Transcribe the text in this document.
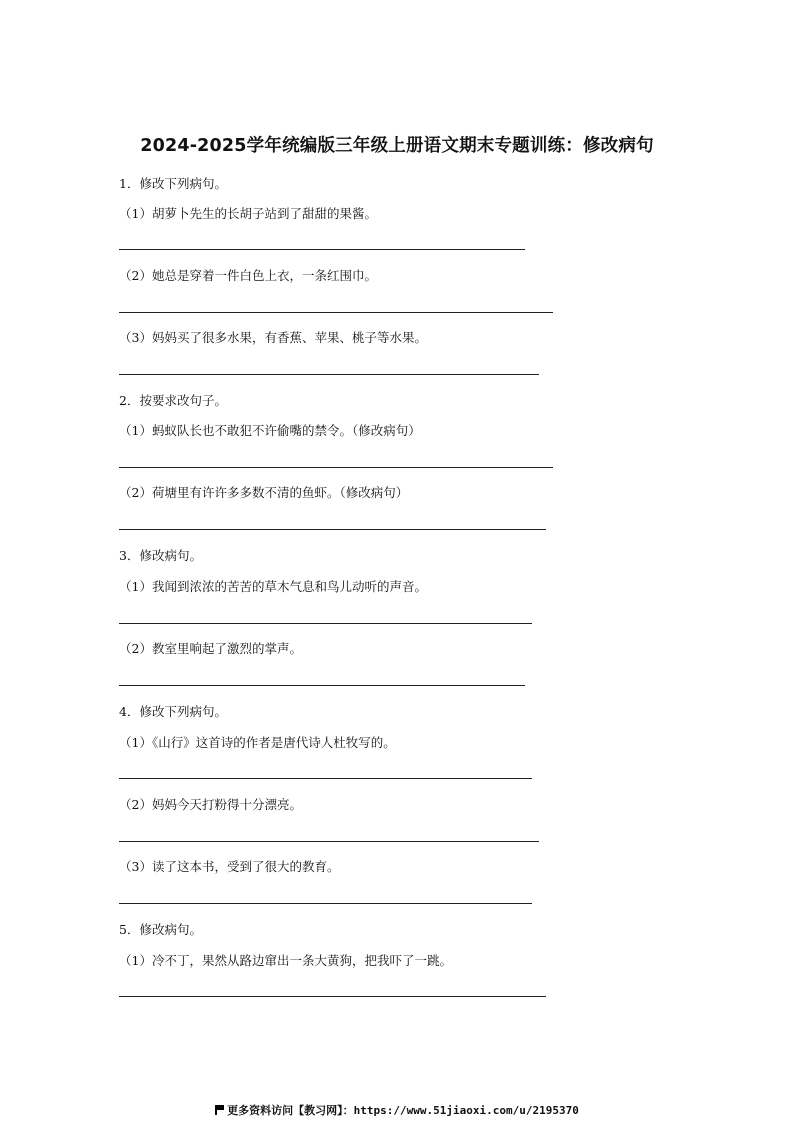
2024-2025学年统编版三年级上册语文期末专题训练：修改病句
1．修改下列病句。
（1）胡萝卜先生的长胡子站到了甜甜的果酱。
（2）她总是穿着一件白色上衣，一条红围巾。
（3）妈妈买了很多水果，有香蕉、苹果、桃子等水果。
2．按要求改句子。
（1）蚂蚁队长也不敢犯不许偷嘴的禁令。（修改病句）
（2）荷塘里有许许多多数不清的鱼虾。（修改病句）
3．修改病句。
（1）我闻到浓浓的苦苦的草木气息和鸟儿动听的声音。
（2）教室里响起了激烈的掌声。
4．修改下列病句。
（1）《山行》这首诗的作者是唐代诗人杜牧写的。
（2）妈妈今天打粉得十分漂亮。
（3）读了这本书，受到了很大的教育。
5．修改病句。
（1）冷不丁，果然从路边窜出一条大黄狗，把我吓了一跳。
更多资料访问【教习网】：https://www.51jiaoxi.com/u/2195370
